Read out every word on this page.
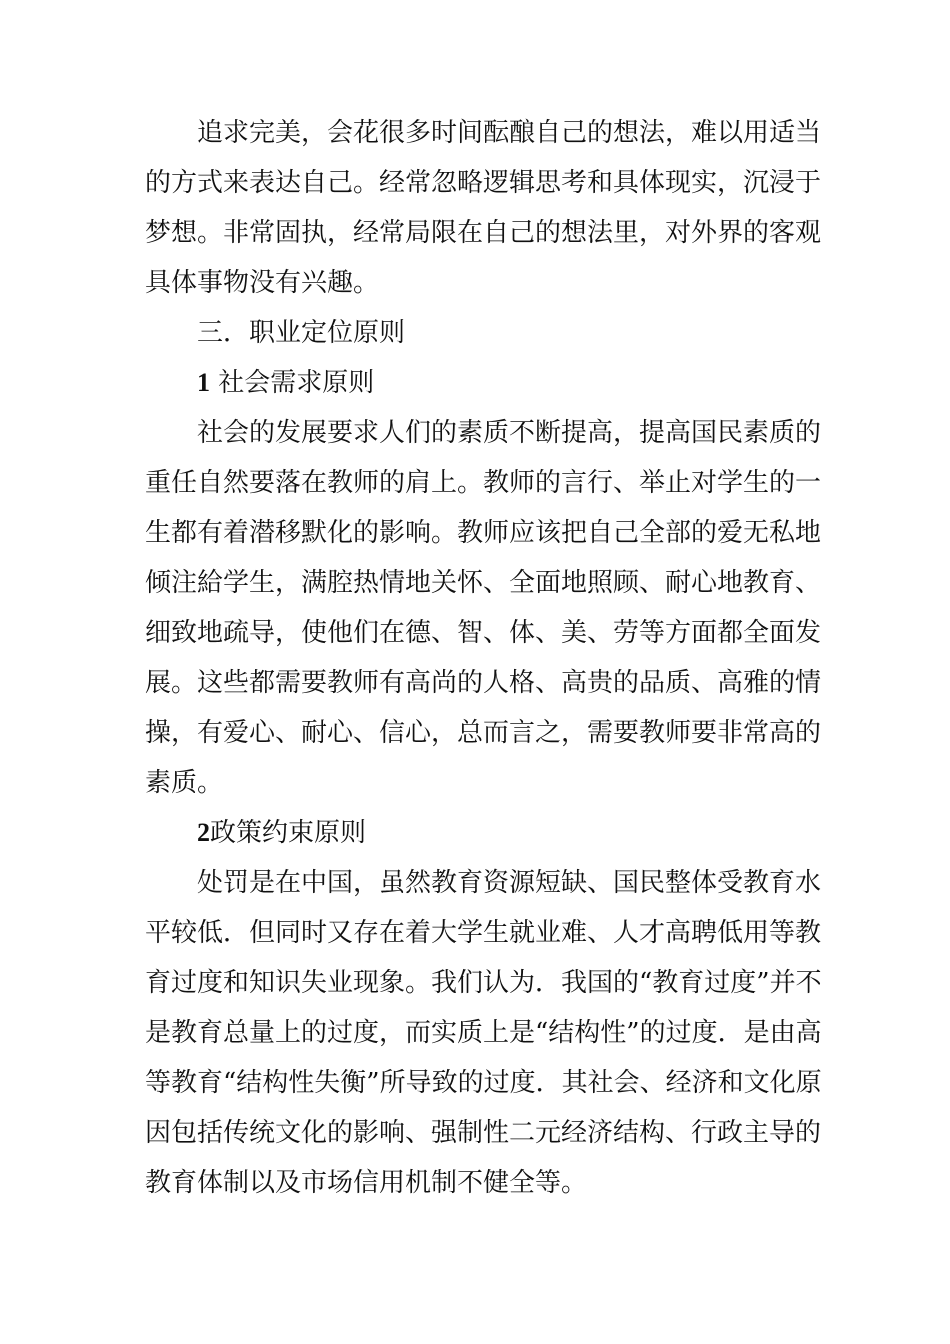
追求完美，会花很多时间酝酿自己的想法，难以用适当
的方式来表达自己。经常忽略逻辑思考和具体现实，沉浸于
梦想。非常固执，经常局限在自己的想法里，对外界的客观
具体事物没有兴趣。
三．职业定位原则
1 社会需求原则
社会的发展要求人们的素质不断提高，提高国民素质的
重任自然要落在教师的肩上。教师的言行、举止对学生的一
生都有着潜移默化的影响。教师应该把自己全部的爱无私地
倾注給学生，满腔热情地关怀、全面地照顾、耐心地教育、
细致地疏导，使他们在德、智、体、美、劳等方面都全面发
展。这些都需要教师有高尚的人格、高贵的品质、高雅的情
操，有爱心、耐心、信心，总而言之，需要教师要非常高的
素质。
2政策约束原则
处罚是在中国，虽然教育资源短缺、国民整体受教育水
平较低．但同时又存在着大学生就业难、人才高聘低用等教
育过度和知识失业现象。我们认为．我国的“教育过度”并不
是教育总量上的过度，而实质上是“结构性”的过度．是由高
等教育“结构性失衡”所导致的过度．其社会、经济和文化原
因包括传统文化的影响、强制性二元经济结构、行政主导的
教育体制以及市场信用机制不健全等。
